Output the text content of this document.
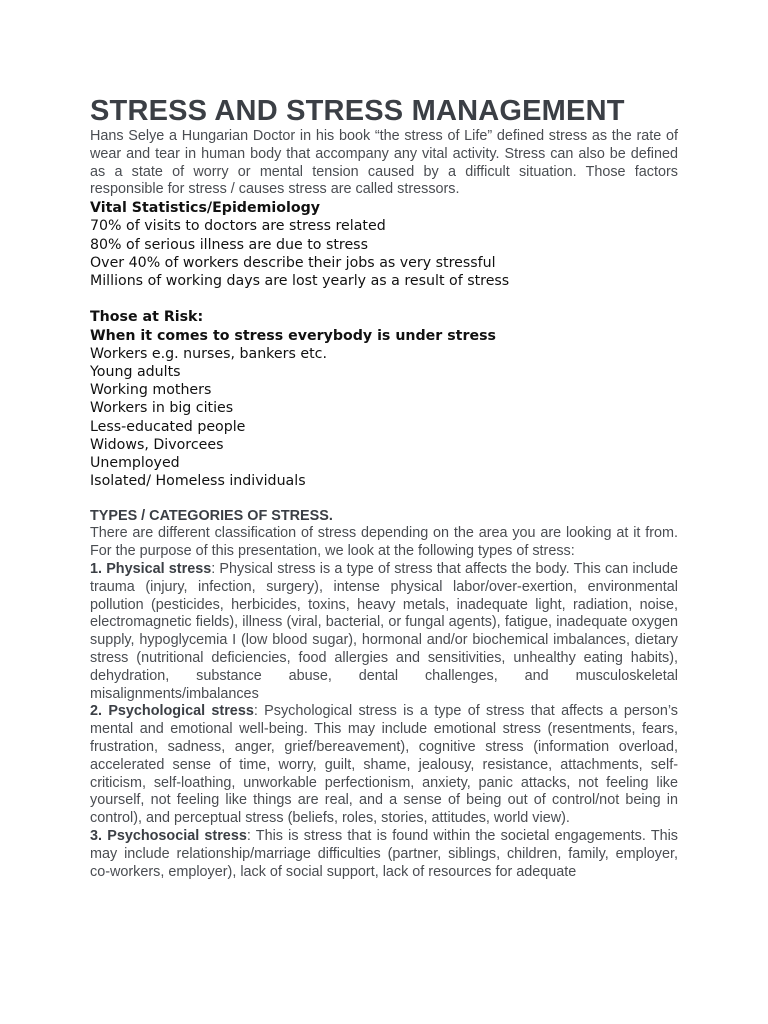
STRESS AND STRESS MANAGEMENT

Hans Selye a Hungarian Doctor in his book “the stress of Life” defined stress as the rate of wear and tear in human body that accompany any vital activity. Stress can also be defined as a state of worry or mental tension caused by a difficult situation. Those factors responsible for stress / causes stress are called stressors.

Vital Statistics/Epidemiology

70% of visits to doctors are stress related

80% of serious illness are due to stress

Over 40% of workers describe their jobs as very stressful

Millions of working days are lost yearly as a result of stress

Those at Risk:

When it comes to stress everybody is under stress

Workers e.g. nurses, bankers etc.

Young adults

Working mothers

Workers in big cities

Less-educated people

Widows, Divorcees

Unemployed

Isolated/ Homeless individuals

TYPES / CATEGORIES OF STRESS.

There are different classification of stress depending on the area you are looking at it from. For the purpose of this presentation, we look at the following types of stress:

1. Physical stress: Physical stress is a type of stress that affects the body. This can include trauma (injury, infection, surgery), intense physical labor/over-exertion, environmental pollution (pesticides, herbicides, toxins, heavy metals, inadequate light, radiation, noise, electromagnetic fields), illness (viral, bacterial, or fungal agents), fatigue, inadequate oxygen supply, hypoglycemia I (low blood sugar), hormonal and/or biochemical imbalances, dietary stress (nutritional deficiencies, food allergies and sensitivities, unhealthy eating habits), dehydration, substance abuse, dental challenges, and musculoskeletal misalignments/imbalances

2. Psychological stress: Psychological stress is a type of stress that affects a person’s mental and emotional well-being. This may include emotional stress (resentments, fears, frustration, sadness, anger, grief/bereavement), cognitive stress (information overload, accelerated sense of time, worry, guilt, shame, jealousy, resistance, attachments, self-criticism, self-loathing, unworkable perfectionism, anxiety, panic attacks, not feeling like yourself, not feeling like things are real, and a sense of being out of control/not being in control), and perceptual stress (beliefs, roles, stories, attitudes, world view).

3. Psychosocial stress: This is stress that is found within the societal engagements. This may include relationship/marriage difficulties (partner, siblings, children, family, employer, co-workers, employer), lack of social support, lack of resources for adequate
